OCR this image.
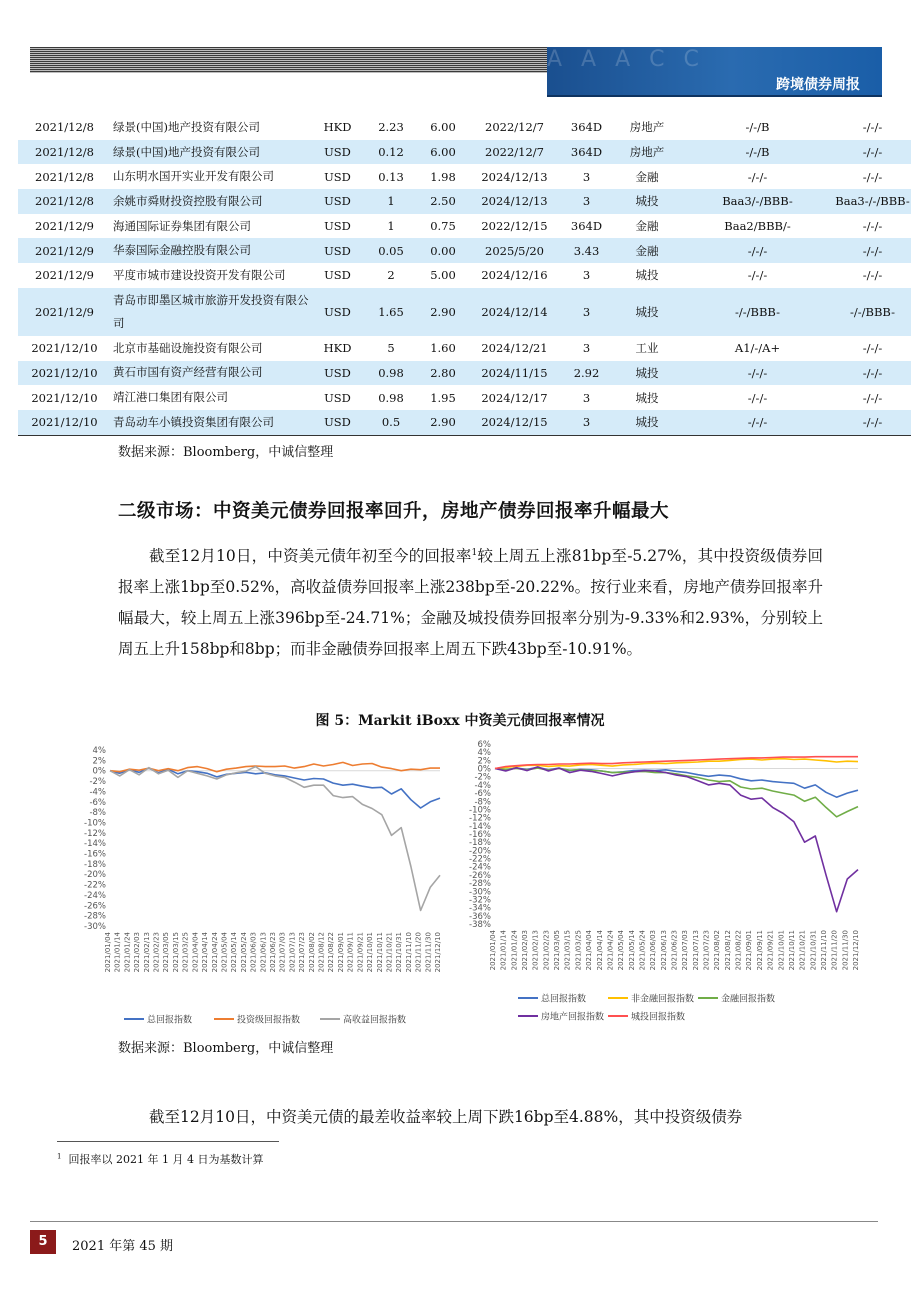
A A A C C
跨境债券周报
2021/12/8	绿景(中国)地产投资有限公司	HKD	2.23	6.00	2022/12/7	364D	房地产	-/-/B	-/-/-
2021/12/8	绿景(中国)地产投资有限公司	USD	0.12	6.00	2022/12/7	364D	房地产	-/-/B	-/-/-
2021/12/8	山东明水国开实业开发有限公司	USD	0.13	1.98	2024/12/13	3	金融	-/-/-	-/-/-
2021/12/8	余姚市舜财投资控股有限公司	USD	1	2.50	2024/12/13	3	城投	Baa3/-/BBB-	Baa3-/-/BBB-
2021/12/9	海通国际证券集团有限公司	USD	1	0.75	2022/12/15	364D	金融	Baa2/BBB/-	-/-/-
2021/12/9	华泰国际金融控股有限公司	USD	0.05	0.00	2025/5/20	3.43	金融	-/-/-	-/-/-
2021/12/9	平度市城市建设投资开发有限公司	USD	2	5.00	2024/12/16	3	城投	-/-/-	-/-/-
2021/12/9	青岛市即墨区城市旅游开发投资有限公司	USD	1.65	2.90	2024/12/14	3	城投	-/-/BBB-	-/-/BBB-
2021/12/10	北京市基础设施投资有限公司	HKD	5	1.60	2024/12/21	3	工业	A1/-/A+	-/-/-
2021/12/10	黄石市国有资产经营有限公司	USD	0.98	2.80	2024/11/15	2.92	城投	-/-/-	-/-/-
2021/12/10	靖江港口集团有限公司	USD	0.98	1.95	2024/12/17	3	城投	-/-/-	-/-/-
2021/12/10	青岛动车小镇投资集团有限公司	USD	0.5	2.90	2024/12/15	3	城投	-/-/-	-/-/-
数据来源：Bloomberg，中诚信整理
二级市场：中资美元债券回报率回升，房地产债券回报率升幅最大
截至12月10日，中资美元债年初至今的回报率$^1$较上周五上涨81bp至-5.27%，其中投资级债券回报率上涨1bp至0.52%，高收益债券回报率上涨238bp至-20.22%。按行业来看，房地产债券回报率升幅最大，较上周五上涨396bp至-24.71%；金融及城投债券回报率分别为-9.33%和2.93%，分别较上周五上升158bp和8bp；而非金融债券回报率上周五下跌43bp至-10.91%。
图 5：Markit iBoxx 中资美元债回报率情况
4%
2%
0%
-2%
-4%
-6%
-8%
-10%
-12%
-14%
-16%
-18%
-20%
-22%
-24%
-26%
-28%
-30%
2021/01/04 2021/01/14 2021/01/24 2021/02/03 2021/02/13 2021/02/23 2021/03/05 2021/03/15 2021/03/25 2021/04/04 2021/04/14 2021/04/24 2021/05/04 2021/05/14 2021/05/24 2021/06/03 2021/06/13 2021/06/23 2021/07/03 2021/07/13 2021/07/23 2021/08/02 2021/08/12 2021/08/22 2021/09/01 2021/09/11 2021/09/21 2021/10/01 2021/10/11 2021/10/21 2021/10/31 2021/11/10 2021/11/20 2021/11/30 2021/12/10
总回报指数	投资级回报指数	高收益回报指数
6%
4%
2%
0%
-2%
-4%
-6%
-8%
-10%
-12%
-14%
-16%
-18%
-20%
-22%
-24%
-26%
-28%
-30%
-32%
-34%
-36%
-38%
2021/01/04 2021/01/14 2021/01/24 2021/02/03 2021/02/13 2021/02/23 2021/03/05 2021/03/15 2021/03/25 2021/04/04 2021/04/14 2021/04/24 2021/05/04 2021/05/14 2021/05/24 2021/06/03 2021/06/13 2021/06/23 2021/07/03 2021/07/13 2021/07/23 2021/08/02 2021/08/12 2021/08/22 2021/09/01 2021/09/11 2021/09/21 2021/10/01 2021/10/11 2021/10/21 2021/10/31 2021/11/10 2021/11/20 2021/11/30 2021/12/10
总回报指数	非金融回报指数	金融回报指数
房地产回报指数	城投回报指数
数据来源：Bloomberg，中诚信整理
截至12月10日，中资美元债的最差收益率较上周下跌16bp至4.88%，其中投资级债券
$^1$ 回报率以 2021 年 1 月 4 日为基数计算
5	2021 年第 45 期
